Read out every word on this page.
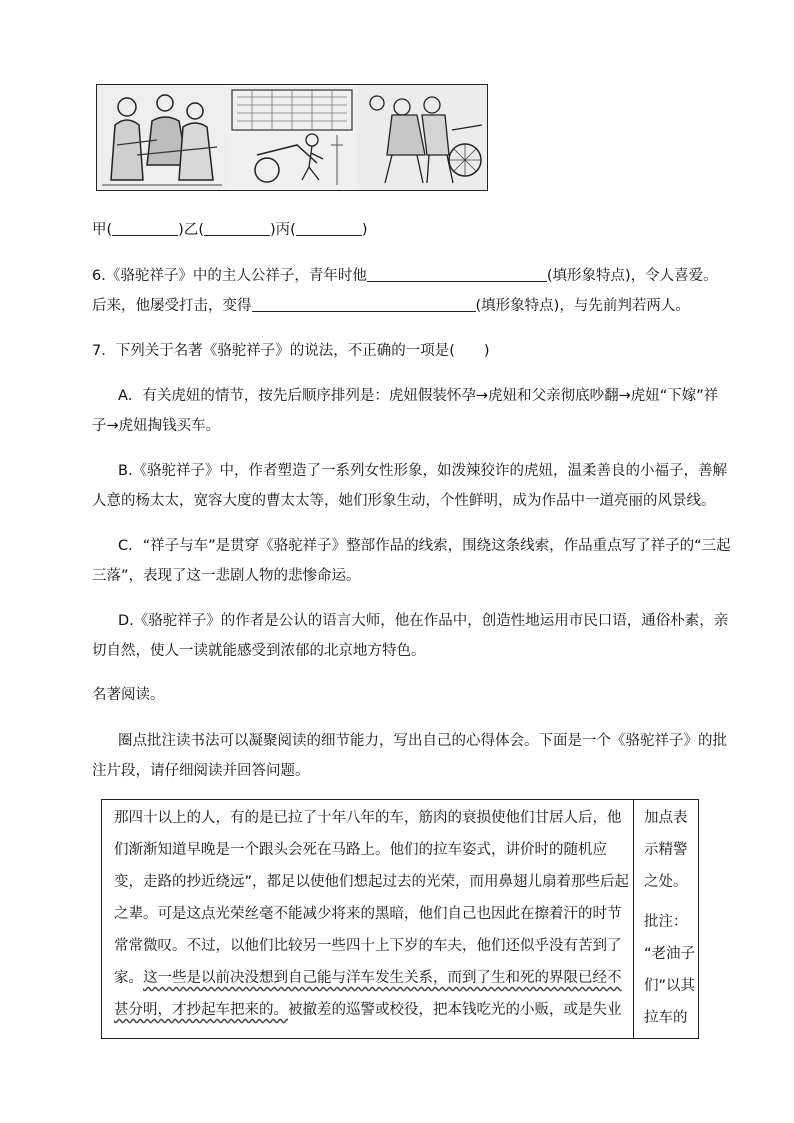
甲(	)乙(	)丙(	)
6.《骆驼祥子》中的主人公祥子，青年时他	(填形象特点)，令人喜爱。
后来，他屡受打击，变得	(填形象特点)，与先前判若两人。
7．下列关于名著《骆驼祥子》的说法，不正确的一项是(　　)
A．有关虎妞的情节，按先后顺序排列是：虎妞假装怀孕→虎妞和父亲彻底吵翻→虎妞“下嫁”祥
子→虎妞掏钱买车。
B.《骆驼祥子》中，作者塑造了一系列女性形象，如泼辣狡诈的虎妞，温柔善良的小福子，善解
人意的杨太太，宽容大度的曹太太等，她们形象生动，个性鲜明，成为作品中一道亮丽的风景线。
C．“祥子与车”是贯穿《骆驼祥子》整部作品的线索，围绕这条线索，作品重点写了祥子的“三起
三落”，表现了这一悲剧人物的悲惨命运。
D.《骆驼祥子》的作者是公认的语言大师，他在作品中，创造性地运用市民口语，通俗朴素，亲
切自然，使人一读就能感受到浓郁的北京地方特色。
名著阅读。
圈点批注读书法可以凝聚阅读的细节能力，写出自己的心得体会。下面是一个《骆驼祥子》的批
注片段，请仔细阅读并回答问题。
那四十以上的人，有的是已拉了十年八年的车，筋肉的衰损使他们甘居人后，他
们渐渐知道早晚是一个跟头会死在马路上。他们的拉车姿式，讲价时的随机应
变，走路的抄近绕远”，都足以使他们想起过去的光荣，而用鼻翅儿扇着那些后起
之辈。可是这点光荣丝毫不能减少将来的黑暗，他们自己也因此在擦着汗的时节
常常微叹。不过，以他们比较另一些四十上下岁的车夫，他们还似乎没有苦到了
家。这一些是以前决没想到自己能与洋车发生关系，而到了生和死的界限已经不
甚分明，才抄起车把来的。被撤差的巡警或校役，把本钱吃光的小贩，或是失业
加点表
示精警
之处。
批注：
“老油子
们”以其
拉车的
